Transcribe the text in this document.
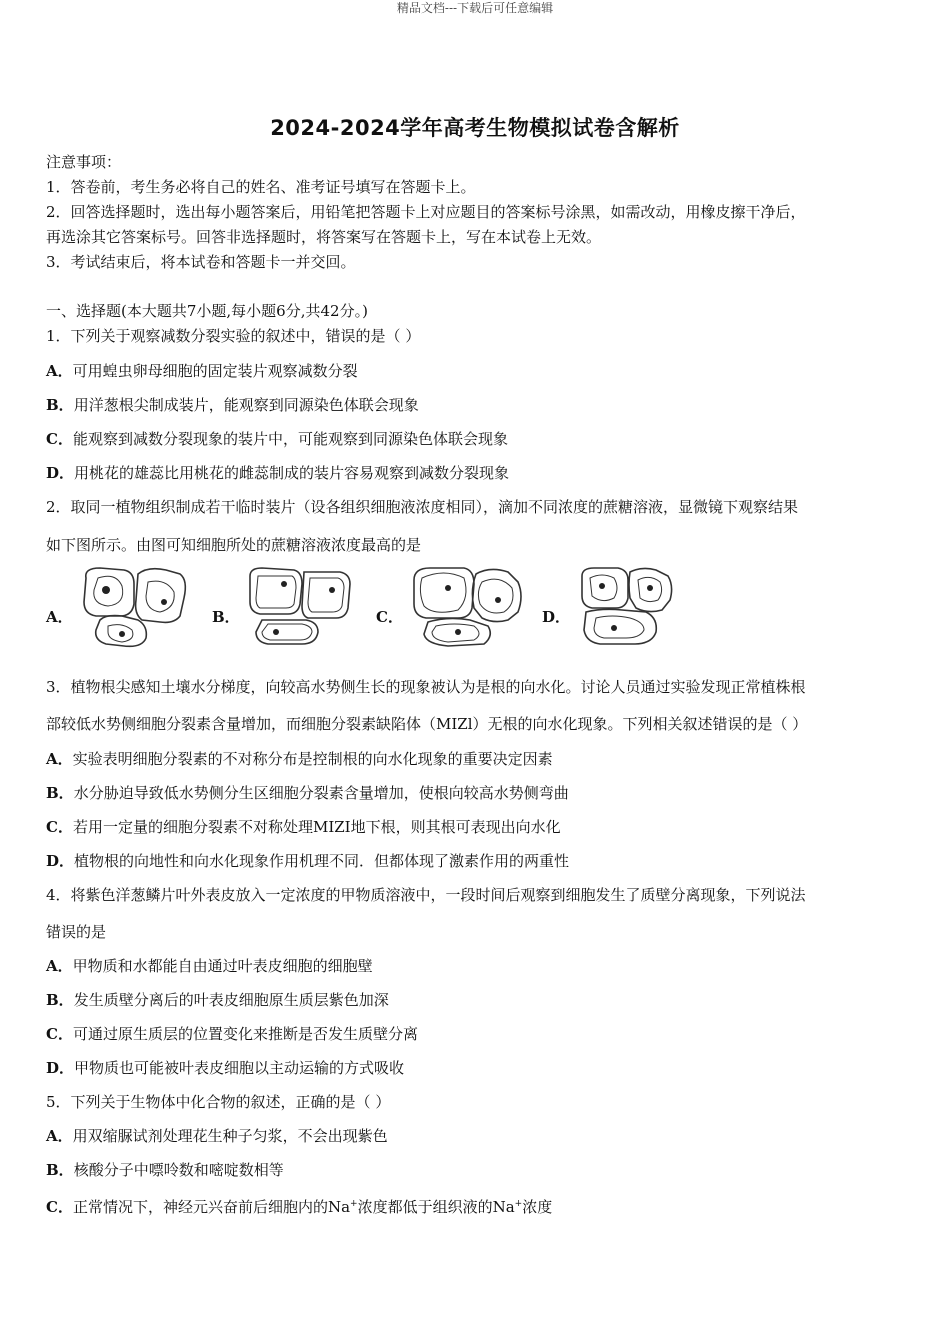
精品文档---下载后可任意编辑
2024-2024学年高考生物模拟试卷含解析
注意事项：
1．答卷前，考生务必将自己的姓名、准考证号填写在答题卡上。
2．回答选择题时，选出每小题答案后，用铅笔把答题卡上对应题目的答案标号涂黑，如需改动，用橡皮擦干净后，
再选涂其它答案标号。回答非选择题时，将答案写在答题卡上，写在本试卷上无效。
3．考试结束后，将本试卷和答题卡一并交回。
一、选择题(本大题共7小题,每小题6分,共42分。)
1．下列关于观察减数分裂实验的叙述中，错误的是（ ）
A．可用蝗虫卵母细胞的固定装片观察减数分裂
B．用洋葱根尖制成装片，能观察到同源染色体联会现象
C．能观察到减数分裂现象的装片中，可能观察到同源染色体联会现象
D．用桃花的雄蕊比用桃花的雌蕊制成的装片容易观察到减数分裂现象
2．取同一植物组织制成若干临时装片（设各组织细胞液浓度相同），滴加不同浓度的蔗糖溶液，显微镜下观察结果
如下图所示。由图可知细胞所处的蔗糖溶液浓度最高的是
A．	B．	C．	D．
3．植物根尖感知土壤水分梯度，向较高水势侧生长的现象被认为是根的向水化。讨论人员通过实验发现正常植株根
部较低水势侧细胞分裂素含量增加，而细胞分裂素缺陷体（MIZl）无根的向水化现象。下列相关叙述错误的是（ ）
A．实验表明细胞分裂素的不对称分布是控制根的向水化现象的重要决定因素
B．水分胁迫导致低水势侧分生区细胞分裂素含量增加，使根向较高水势侧弯曲
C．若用一定量的细胞分裂素不对称处理MIZI地下根，则其根可表现出向水化
D．植物根的向地性和向水化现象作用机理不同．但都体现了激素作用的两重性
4．将紫色洋葱鳞片叶外表皮放入一定浓度的甲物质溶液中，一段时间后观察到细胞发生了质壁分离现象，下列说法
错误的是
A．甲物质和水都能自由通过叶表皮细胞的细胞壁
B．发生质壁分离后的叶表皮细胞原生质层紫色加深
C．可通过原生质层的位置变化来推断是否发生质壁分离
D．甲物质也可能被叶表皮细胞以主动运输的方式吸收
5．下列关于生物体中化合物的叙述，正确的是（ ）
A．用双缩脲试剂处理花生种子匀浆，不会出现紫色
B．核酸分子中嘌呤数和嘧啶数相等
C．正常情况下，神经元兴奋前后细胞内的Na+浓度都低于组织液的Na+浓度
